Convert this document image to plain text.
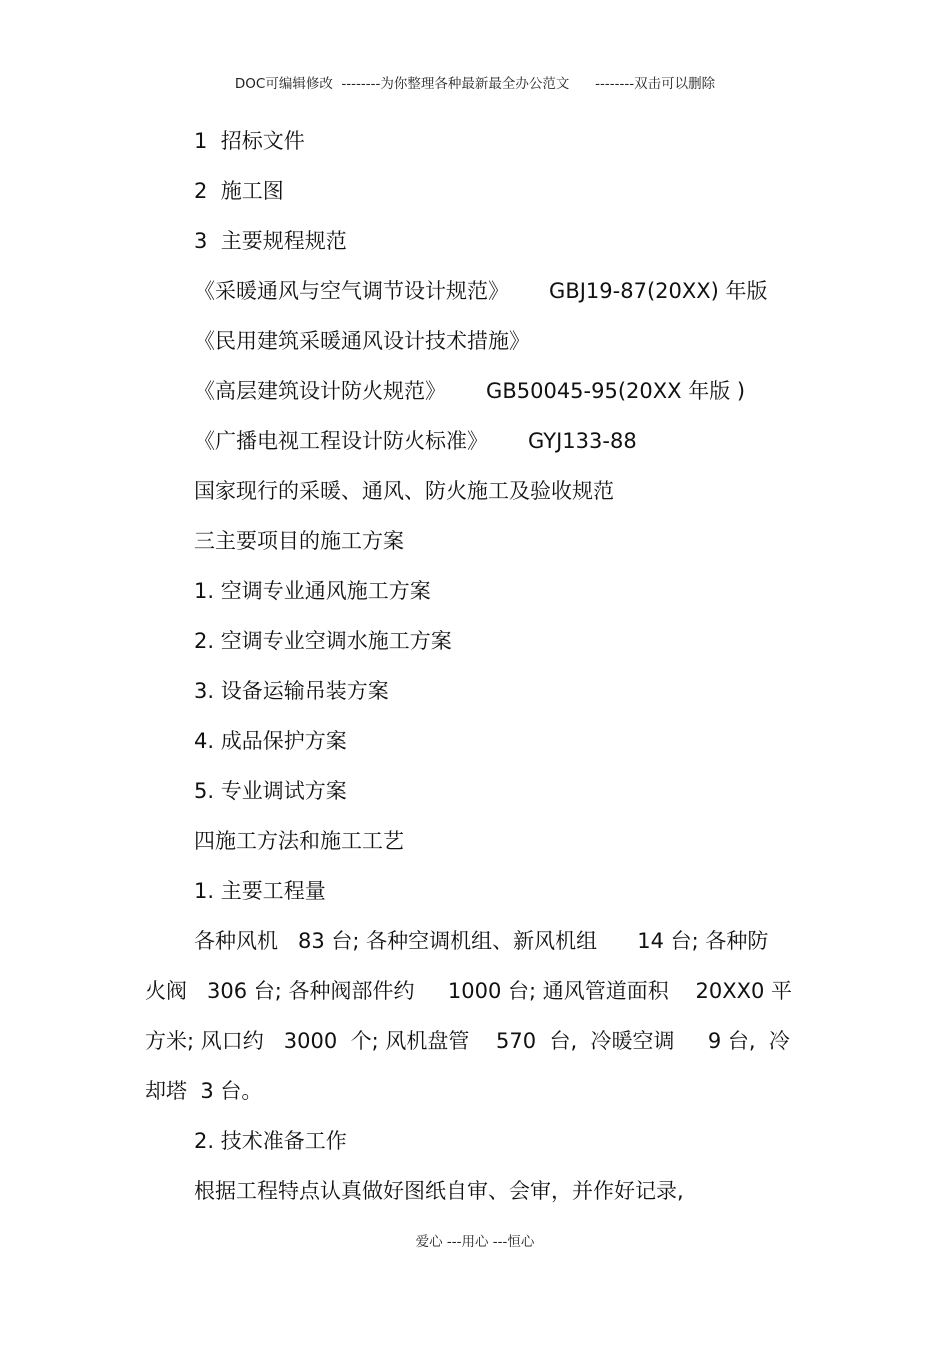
DOC可编辑修改  --------为你整理各种最新最全办公范文      --------双击可以删除
1  招标文件
2  施工图
3  主要规程规范
《采暖通风与空气调节设计规范》      GBJ19-87(20XX) 年版
《民用建筑采暖通风设计技术措施》
《高层建筑设计防火规范》      GB50045-95(20XX 年版 )
《广播电视工程设计防火标准》      GYJ133-88
国家现行的采暖、通风、防火施工及验收规范
三主要项目的施工方案
1. 空调专业通风施工方案
2. 空调专业空调水施工方案
3. 设备运输吊装方案
4. 成品保护方案
5. 专业调试方案
四施工方法和施工工艺
1. 主要工程量
各种风机   83 台; 各种空调机组、新风机组      14 台; 各种防
火阀   306 台; 各种阀部件约     1000 台; 通风管道面积    20XX0 平
方米; 风口约   3000  个; 风机盘管    570  台,  冷暖空调     9 台,  冷
却塔  3 台。
2. 技术准备工作
根据工程特点认真做好图纸自审、会审，并作好记录,
爱心 ---用心 ---恒心
